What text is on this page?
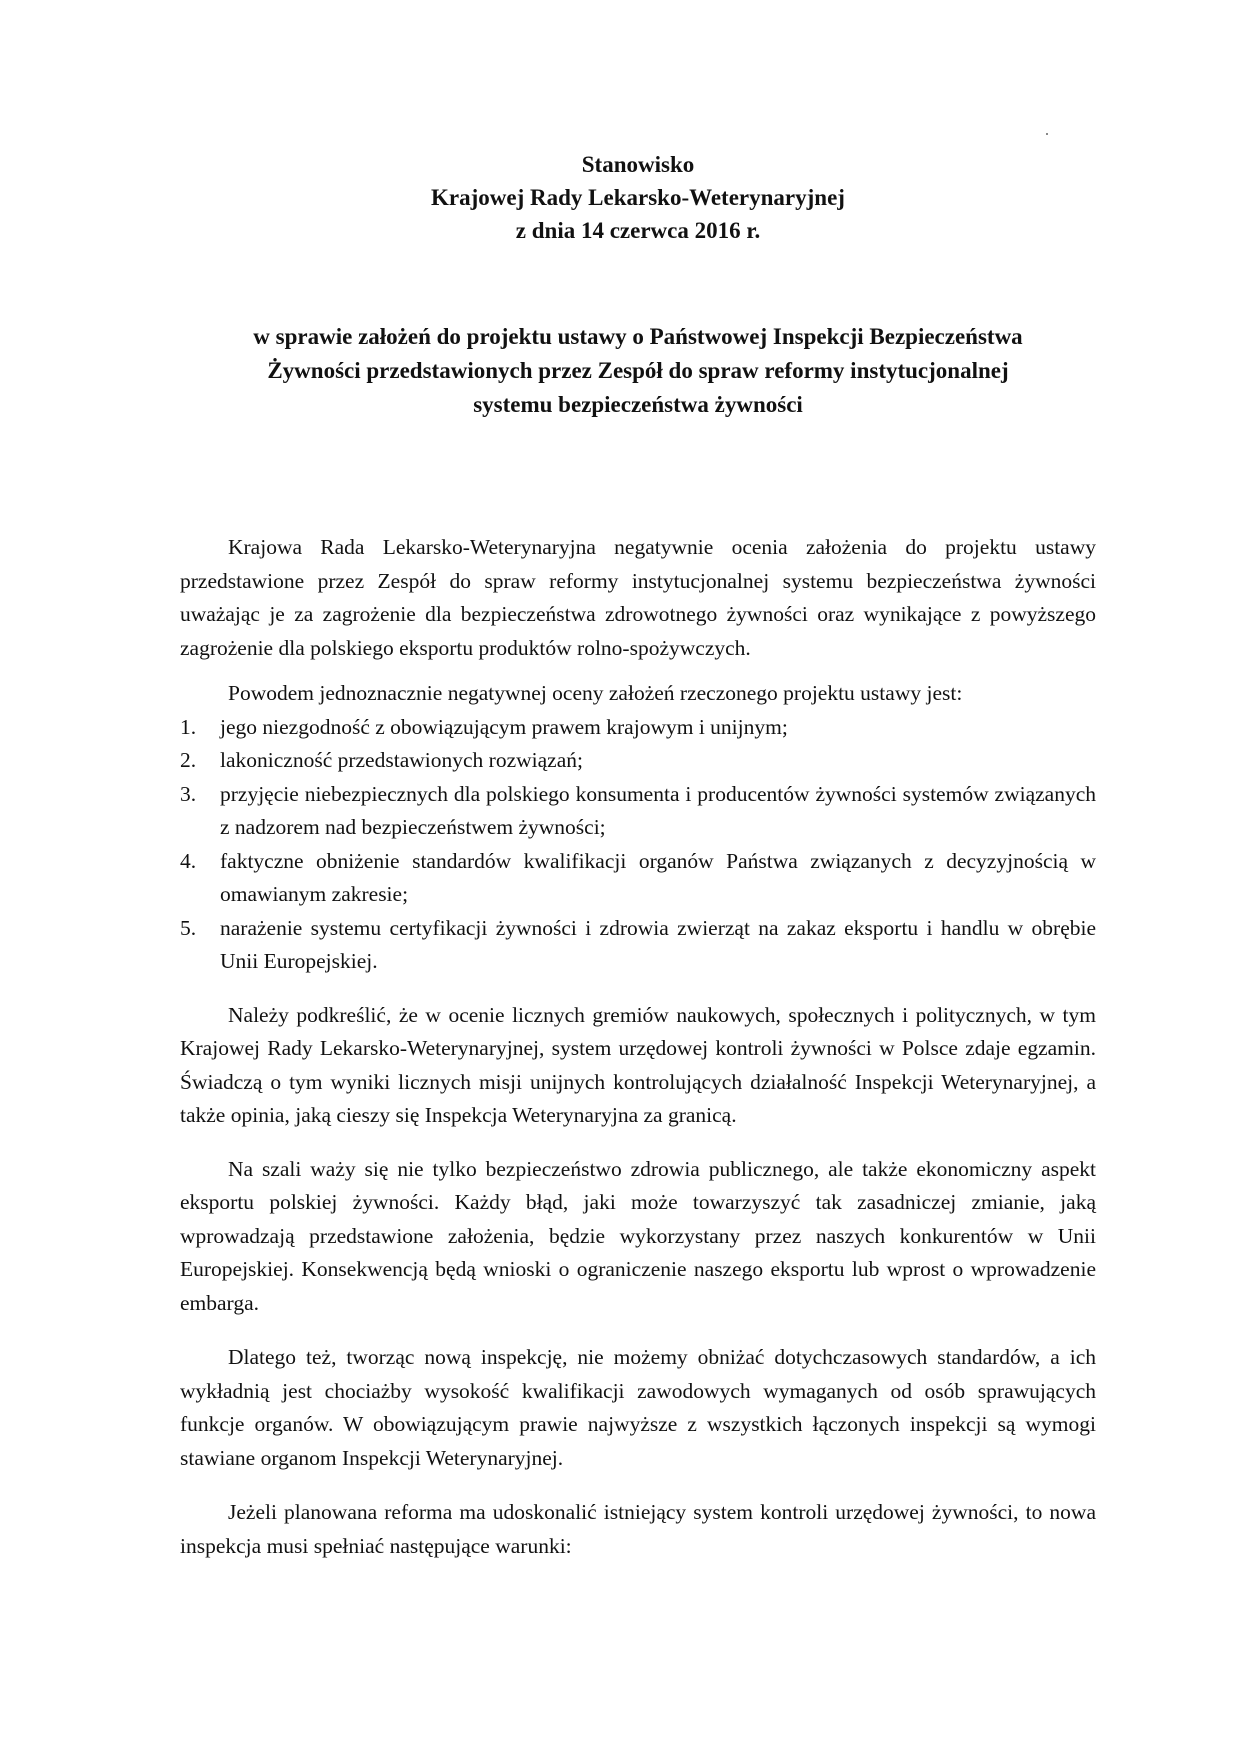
Stanowisko
Krajowej Rady Lekarsko-Weterynaryjnej
z dnia 14 czerwca 2016 r.
w sprawie założeń do projektu ustawy o Państwowej Inspekcji Bezpieczeństwa
Żywności przedstawionych przez Zespół do spraw reformy instytucjonalnej
systemu bezpieczeństwa żywności

Krajowa Rada Lekarsko-Weterynaryjna negatywnie ocenia założenia do projektu ustawy przedstawione przez Zespół do spraw reformy instytucjonalnej systemu bezpieczeństwa żywności uważając je za zagrożenie dla bezpieczeństwa zdrowotnego żywności oraz wynikające z powyższego zagrożenie dla polskiego eksportu produktów rolno-spożywczych.

Powodem jednoznacznie negatywnej oceny założeń rzeczonego projektu ustawy jest:

1. jego niezgodność z obowiązującym prawem krajowym i unijnym;
2. lakoniczność przedstawionych rozwiązań;
3. przyjęcie niebezpiecznych dla polskiego konsumenta i producentów żywności systemów związanych z nadzorem nad bezpieczeństwem żywności;
4. faktyczne obniżenie standardów kwalifikacji organów Państwa związanych z decyzyjnością w omawianym zakresie;
5. narażenie systemu certyfikacji żywności i zdrowia zwierząt na zakaz eksportu i handlu w obrębie Unii Europejskiej.

Należy podkreślić, że w ocenie licznych gremiów naukowych, społecznych i politycznych, w tym Krajowej Rady Lekarsko-Weterynaryjnej, system urzędowej kontroli żywności w Polsce zdaje egzamin. Świadczą o tym wyniki licznych misji unijnych kontrolujących działalność Inspekcji Weterynaryjnej, a także opinia, jaką cieszy się Inspekcja Weterynaryjna za granicą.

Na szali waży się nie tylko bezpieczeństwo zdrowia publicznego, ale także ekonomiczny aspekt eksportu polskiej żywności. Każdy błąd, jaki może towarzyszyć tak zasadniczej zmianie, jaką wprowadzają przedstawione założenia, będzie wykorzystany przez naszych konkurentów w Unii Europejskiej. Konsekwencją będą wnioski o ograniczenie naszego eksportu lub wprost o wprowadzenie embarga.

Dlatego też, tworząc nową inspekcję, nie możemy obniżać dotychczasowych standardów, a ich wykładnią jest chociażby wysokość kwalifikacji zawodowych wymaganych od osób sprawujących funkcje organów. W obowiązującym prawie najwyższe z wszystkich łączonych inspekcji są wymogi stawiane organom Inspekcji Weterynaryjnej.

Jeżeli planowana reforma ma udoskonalić istniejący system kontroli urzędowej żywności, to nowa inspekcja musi spełniać następujące warunki:
